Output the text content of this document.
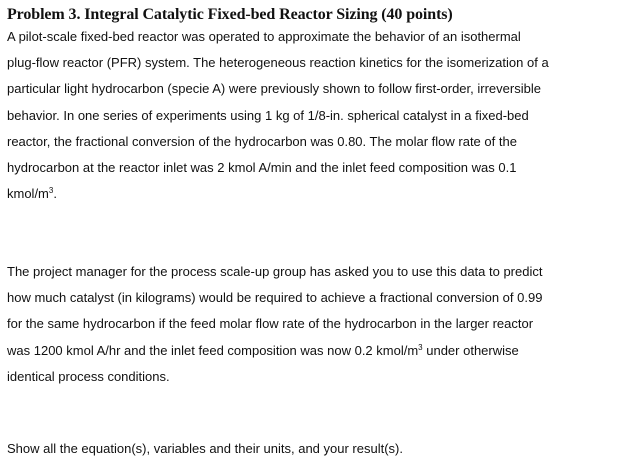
Problem 3. Integral Catalytic Fixed-bed Reactor Sizing (40 points)
A pilot-scale fixed-bed reactor was operated to approximate the behavior of an isothermal
plug-flow reactor (PFR) system. The heterogeneous reaction kinetics for the isomerization of a
particular light hydrocarbon (specie A) were previously shown to follow first-order, irreversible
behavior. In one series of experiments using 1 kg of 1/8-in. spherical catalyst in a fixed-bed
reactor, the fractional conversion of the hydrocarbon was 0.80. The molar flow rate of the
hydrocarbon at the reactor inlet was 2 kmol A/min and the inlet feed composition was 0.1
kmol/$m^3$.
The project manager for the process scale-up group has asked you to use this data to predict
how much catalyst (in kilograms) would be required to achieve a fractional conversion of 0.99
for the same hydrocarbon if the feed molar flow rate of the hydrocarbon in the larger reactor
was 1200 kmol A/hr and the inlet feed composition was now 0.2 kmol/$m^3$ under otherwise
identical process conditions.
Show all the equation(s), variables and their units, and your result(s).
